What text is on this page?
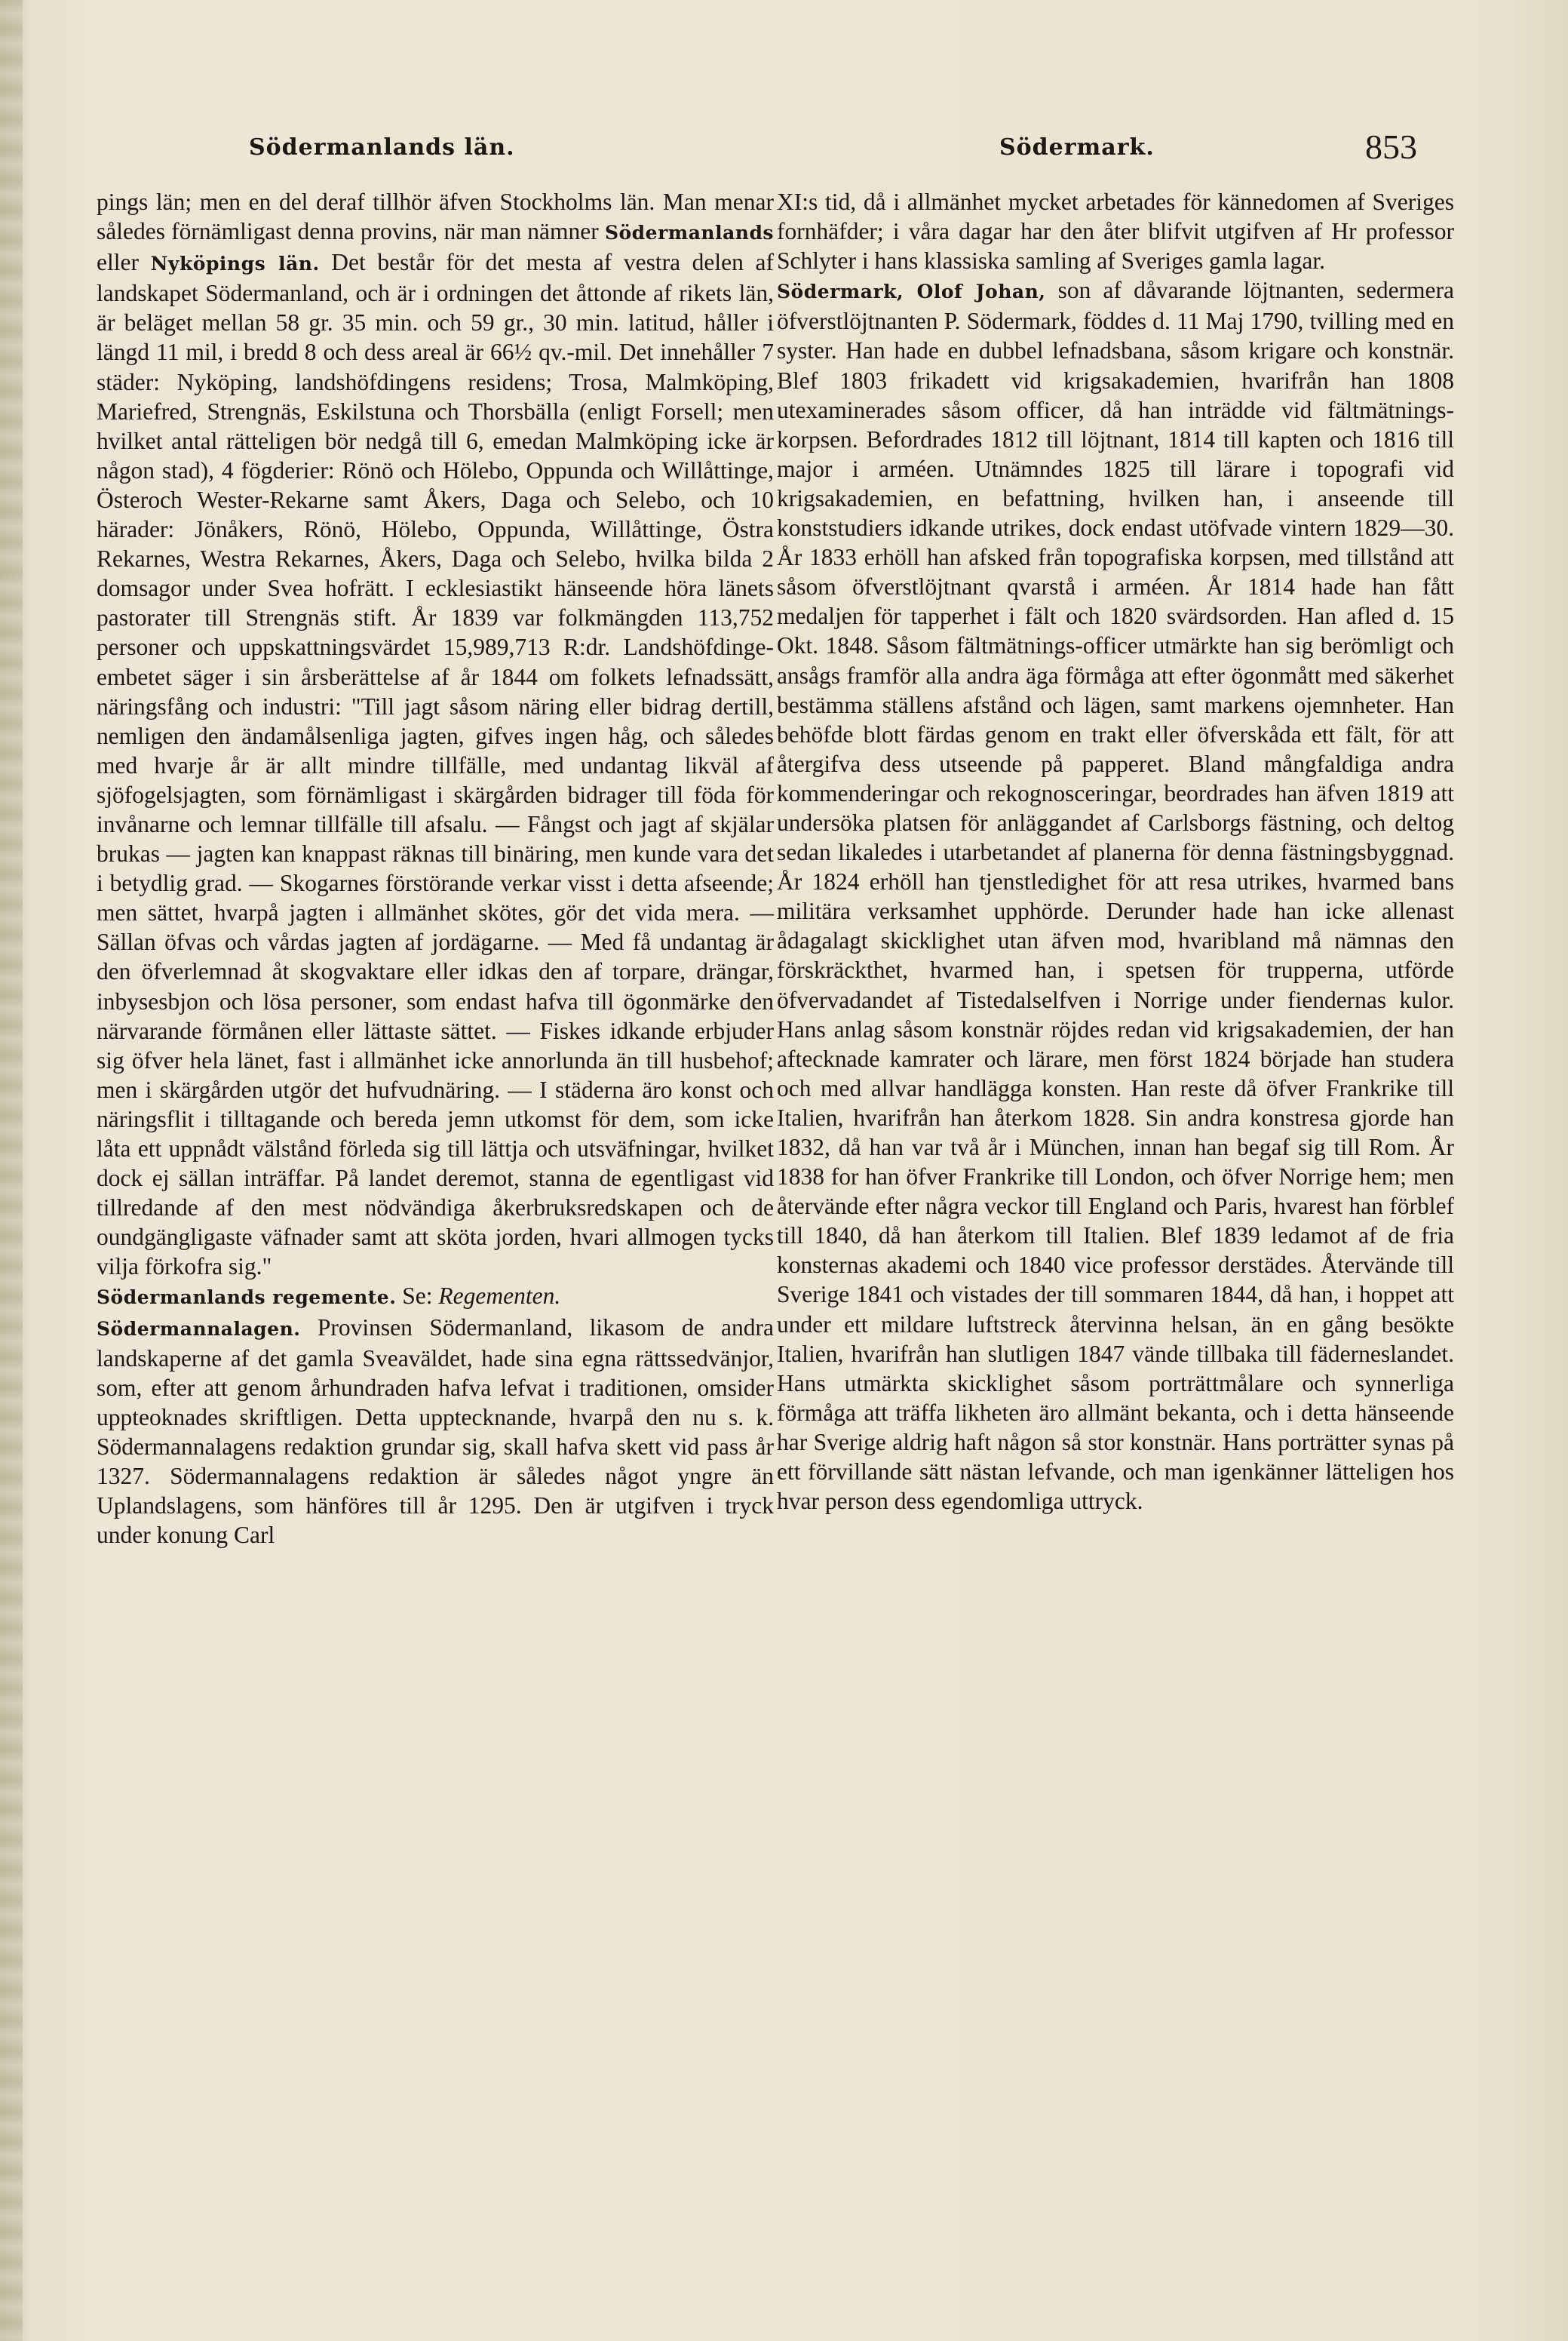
Södermanlands län.	Södermark.	853

pings län; men en del deraf tillhör äfven Stockholms län. Man menar således förnämligast denna provins, när man nämner Södermanlands eller Nyköpings län. Det består för det mesta af vestra delen af landskapet Södermanland, och är i ordningen det åttonde af rikets län, är beläget mellan 58 gr. 35 min. och 59 gr., 30 min. latitud, håller i längd 11 mil, i bredd 8 och dess areal är 66½ qv.-mil. Det innehåller 7 städer: Nyköping, landshöfdingens residens; Trosa, Malmköping, Mariefred, Strengnäs, Eskilstuna och Thorsbälla (enligt Forsell; men hvilket antal rätteligen bör nedgå till 6, emedan Malmköping icke är någon stad), 4 fögderier: Rönö och Hölebo, Oppunda och Willåttinge, Österoch Wester-Rekarne samt Åkers, Daga och Selebo, och 10 härader: Jönåkers, Rönö, Hölebo, Oppunda, Willåttinge, Östra Rekarnes, Westra Rekarnes, Åkers, Daga och Selebo, hvilka bilda 2 domsagor under Svea hofrätt. I ecklesiastikt hänseende höra länets pastorater till Strengnäs stift. År 1839 var folkmängden 113,752 personer och uppskattningsvärdet 15,989,713 R:dr. Landshöfdinge-embetet säger i sin årsberättelse af år 1844 om folkets lefnadssätt, näringsfång och industri: "Till jagt såsom näring eller bidrag dertill, nemligen den ändamålsenliga jagten, gifves ingen håg, och således med hvarje år är allt mindre tillfälle, med undantag likväl af sjöfogelsjagten, som förnämligast i skärgården bidrager till föda för invånarne och lemnar tillfälle till afsalu. — Fångst och jagt af skjälar brukas — jagten kan knappast räknas till binäring, men kunde vara det i betydlig grad. — Skogarnes förstörande verkar visst i detta afseende; men sättet, hvarpå jagten i allmänhet skötes, gör det vida mera. — Sällan öfvas och vårdas jagten af jordägarne. — Med få undantag är den öfverlemnad åt skogvaktare eller idkas den af torpare, drängar, inbysesbjon och lösa personer, som endast hafva till ögonmärke den närvarande förmånen eller lättaste sättet. — Fiskes idkande erbjuder sig öfver hela länet, fast i allmänhet icke annorlunda än till husbehof; men i skärgården utgör det hufvudnäring. — I städerna äro konst och näringsflit i tilltagande och bereda jemn utkomst för dem, som icke låta ett uppnådt välstånd förleda sig till lättja och utsväfningar, hvilket dock ej sällan inträffar. På landet deremot, stanna de egentligast vid tillredande af den mest nödvändiga åkerbruksredskapen och de oundgängligaste väfnader samt att sköta jorden, hvari allmogen tycks vilja förkofra sig."

Södermanlands regemente. Se: Regementen.

Södermannalagen. Provinsen Södermanland, likasom de andra landskaperne af det gamla Sveaväldet, hade sina egna rättssedvänjor, som, efter att genom århundraden hafva lefvat i traditionen, omsider uppteoknades skriftligen. Detta upptecknande, hvarpå den nu s. k. Södermannalagens redaktion grundar sig, skall hafva skett vid pass år 1327. Södermannalagens redaktion är således något yngre än Uplandslagens, som hänföres till år 1295. Den är utgifven i tryck under konung Carl

XI:s tid, då i allmänhet mycket arbetades för kännedomen af Sveriges fornhäfder; i våra dagar har den åter blifvit utgifven af Hr professor Schlyter i hans klassiska samling af Sveriges gamla lagar.

Södermark, Olof Johan, son af dåvarande löjtnanten, sedermera öfverstlöjtnanten P. Södermark, föddes d. 11 Maj 1790, tvilling med en syster. Han hade en dubbel lefnadsbana, såsom krigare och konstnär. Blef 1803 frikadett vid krigsakademien, hvarifrån han 1808 utexaminerades såsom officer, då han inträdde vid fältmätnings-korpsen. Befordrades 1812 till löjtnant, 1814 till kapten och 1816 till major i arméen. Utnämndes 1825 till lärare i topografi vid krigsakademien, en befattning, hvilken han, i anseende till konststudiers idkande utrikes, dock endast utöfvade vintern 1829—30. År 1833 erhöll han afsked från topografiska korpsen, med tillstånd att såsom öfverstlöjtnant qvarstå i arméen. År 1814 hade han fått medaljen för tapperhet i fält och 1820 svärdsorden. Han afled d. 15 Okt. 1848. Såsom fältmätnings-officer utmärkte han sig berömligt och ansågs framför alla andra äga förmåga att efter ögonmått med säkerhet bestämma ställens afstånd och lägen, samt markens ojemnheter. Han behöfde blott färdas genom en trakt eller öfverskåda ett fält, för att återgifva dess utseende på papperet. Bland mångfaldiga andra kommenderingar och rekognosceringar, beordrades han äfven 1819 att undersöka platsen för anläggandet af Carlsborgs fästning, och deltog sedan likaledes i utarbetandet af planerna för denna fästningsbyggnad. År 1824 erhöll han tjenstledighet för att resa utrikes, hvarmed bans militära verksamhet upphörde. Derunder hade han icke allenast ådagalagt skicklighet utan äfven mod, hvaribland må nämnas den förskräckthet, hvarmed han, i spetsen för trupperna, utförde öfvervadandet af Tistedalselfven i Norrige under fiendernas kulor. Hans anlag såsom konstnär röjdes redan vid krigsakademien, der han aftecknade kamrater och lärare, men först 1824 började han studera och med allvar handlägga konsten. Han reste då öfver Frankrike till Italien, hvarifrån han återkom 1828. Sin andra konstresa gjorde han 1832, då han var två år i München, innan han begaf sig till Rom. År 1838 for han öfver Frankrike till London, och öfver Norrige hem; men återvände efter några veckor till England och Paris, hvarest han förblef till 1840, då han återkom till Italien. Blef 1839 ledamot af de fria konsternas akademi och 1840 vice professor derstädes. Återvände till Sverige 1841 och vistades der till sommaren 1844, då han, i hoppet att under ett mildare luftstreck återvinna helsan, än en gång besökte Italien, hvarifrån han slutligen 1847 vände tillbaka till fäderneslandet. Hans utmärkta skicklighet såsom porträttmålare och synnerliga förmåga att träffa likheten äro allmänt bekanta, och i detta hänseende har Sverige aldrig haft någon så stor konstnär. Hans porträtter synas på ett förvillande sätt nästan lefvande, och man igenkänner lätteligen hos hvar person dess egendomliga uttryck.
